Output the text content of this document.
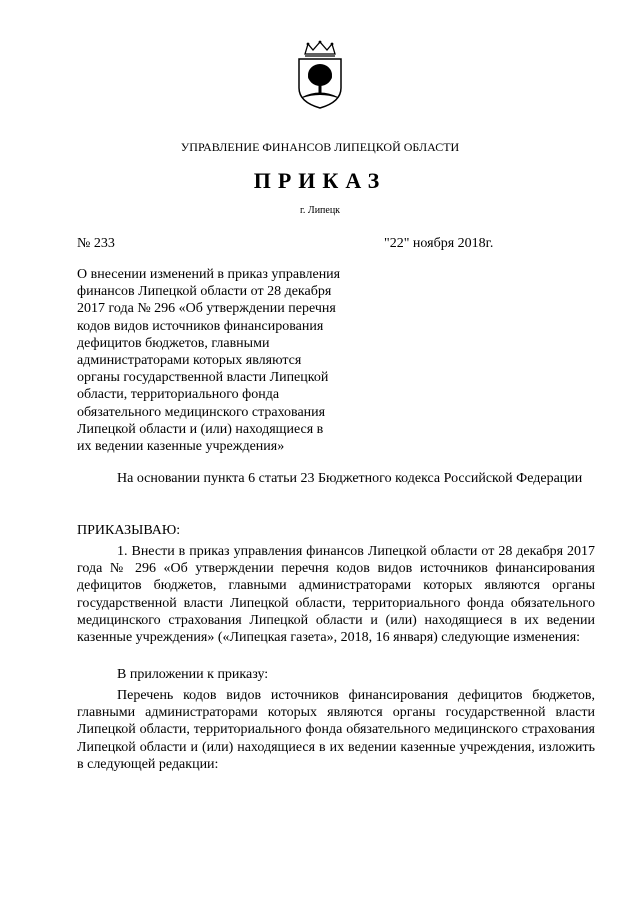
УПРАВЛЕНИЕ ФИНАНСОВ ЛИПЕЦКОЙ ОБЛАСТИ
ПРИКАЗ
г. Липецк
№ 233	"22" ноября 2018г.
О внесении изменений в приказ управления
финансов Липецкой области от 28 декабря
2017 года № 296 «Об утверждении перечня
кодов видов источников финансирования
дефицитов бюджетов, главными
администраторами которых являются
органы государственной власти Липецкой
области, территориального фонда
обязательного медицинского страхования
Липецкой области и (или) находящиеся в
их ведении казенные учреждения»
На основании пункта 6 статьи 23 Бюджетного кодекса Российской Федерации
ПРИКАЗЫВАЮ:
1. Внести в приказ управления финансов Липецкой области от 28 декабря 2017 года № 296 «Об утверждении перечня кодов видов источников финансирования дефицитов бюджетов, главными администраторами которых являются органы государственной власти Липецкой области, территориального фонда обязательного медицинского страхования Липецкой области и (или) находящиеся в их ведении казенные учреждения» («Липецкая газета», 2018, 16 января) следующие изменения:
В приложении к приказу:
Перечень кодов видов источников финансирования дефицитов бюджетов, главными администраторами которых являются органы государственной власти Липецкой области, территориального фонда обязательного медицинского страхования Липецкой области и (или) находящиеся в их ведении казенные учреждения, изложить в следующей редакции:
